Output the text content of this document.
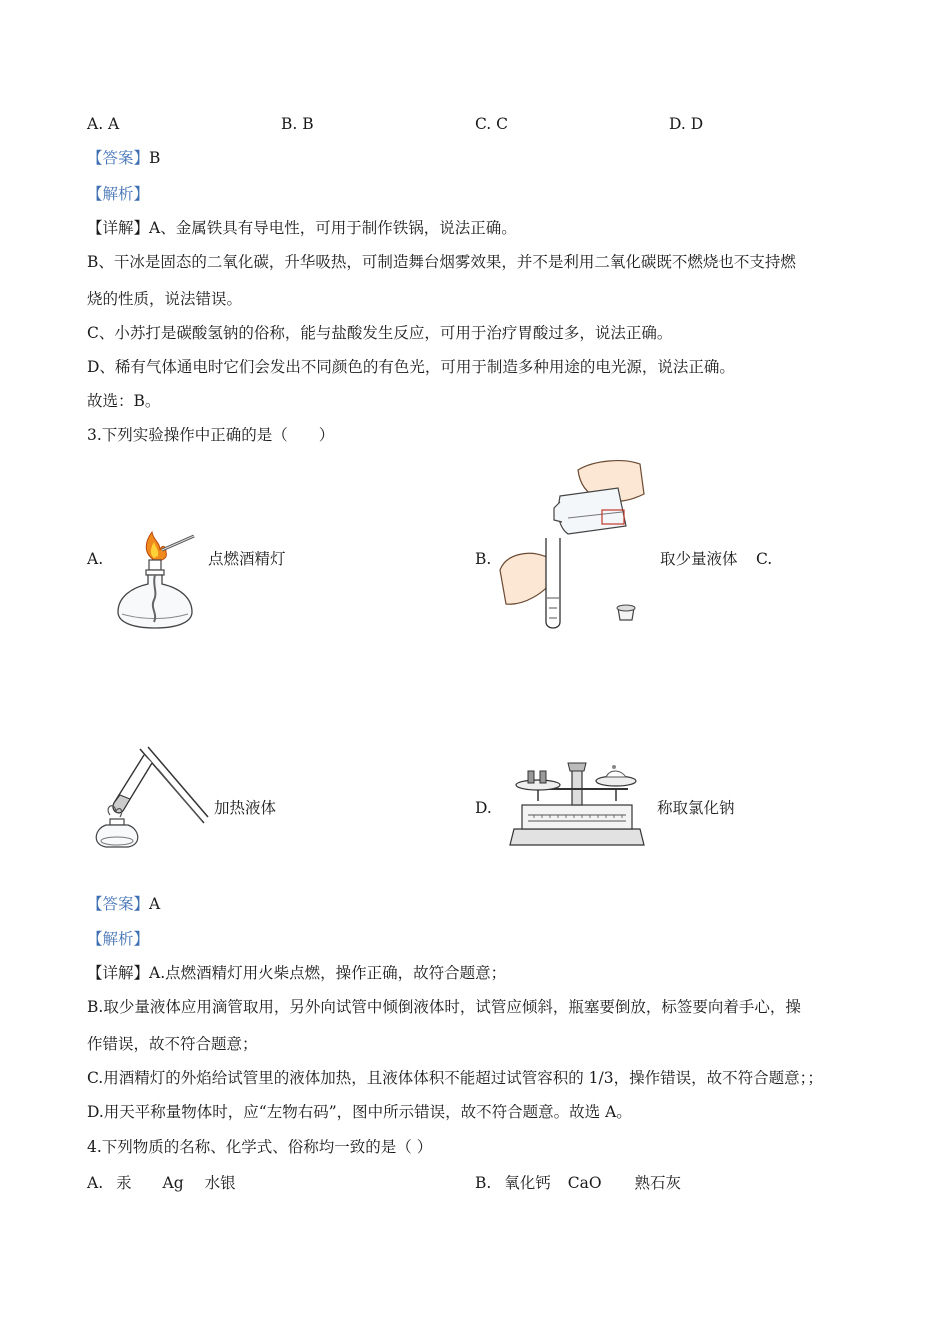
A. A	B. B	C. C	D. D
【答案】B
【解析】
【详解】A、金属铁具有导电性，可用于制作铁锅，说法正确。
B、干冰是固态的二氧化碳，升华吸热，可制造舞台烟雾效果，并不是利用二氧化碳既不燃烧也不支持燃
烧的性质，说法错误。
C、小苏打是碳酸氢钠的俗称，能与盐酸发生反应，可用于治疗胃酸过多，说法正确。
D、稀有气体通电时它们会发出不同颜色的有色光，可用于制造多种用途的电光源，说法正确。
故选：B。
3.下列实验操作中正确的是（　　）
A.	点燃酒精灯	B.	取少量液体 C.
加热液体	D.	称取氯化钠
【答案】A
【解析】
【详解】A.点燃酒精灯用火柴点燃，操作正确，故符合题意；
B.取少量液体应用滴管取用，另外向试管中倾倒液体时，试管应倾斜，瓶塞要倒放，标签要向着手心，操
作错误，故不符合题意；
C.用酒精灯的外焰给试管里的液体加热，且液体体积不能超过试管容积的 1/3，操作错误，故不符合题意；；
D.用天平称量物体时，应“左物右码”，图中所示错误，故不符合题意。故选 A。
4.下列物质的名称、化学式、俗称均一致的是（ ）
A. 汞 Ag 水银	B. 氧化钙 CaO 熟石灰
